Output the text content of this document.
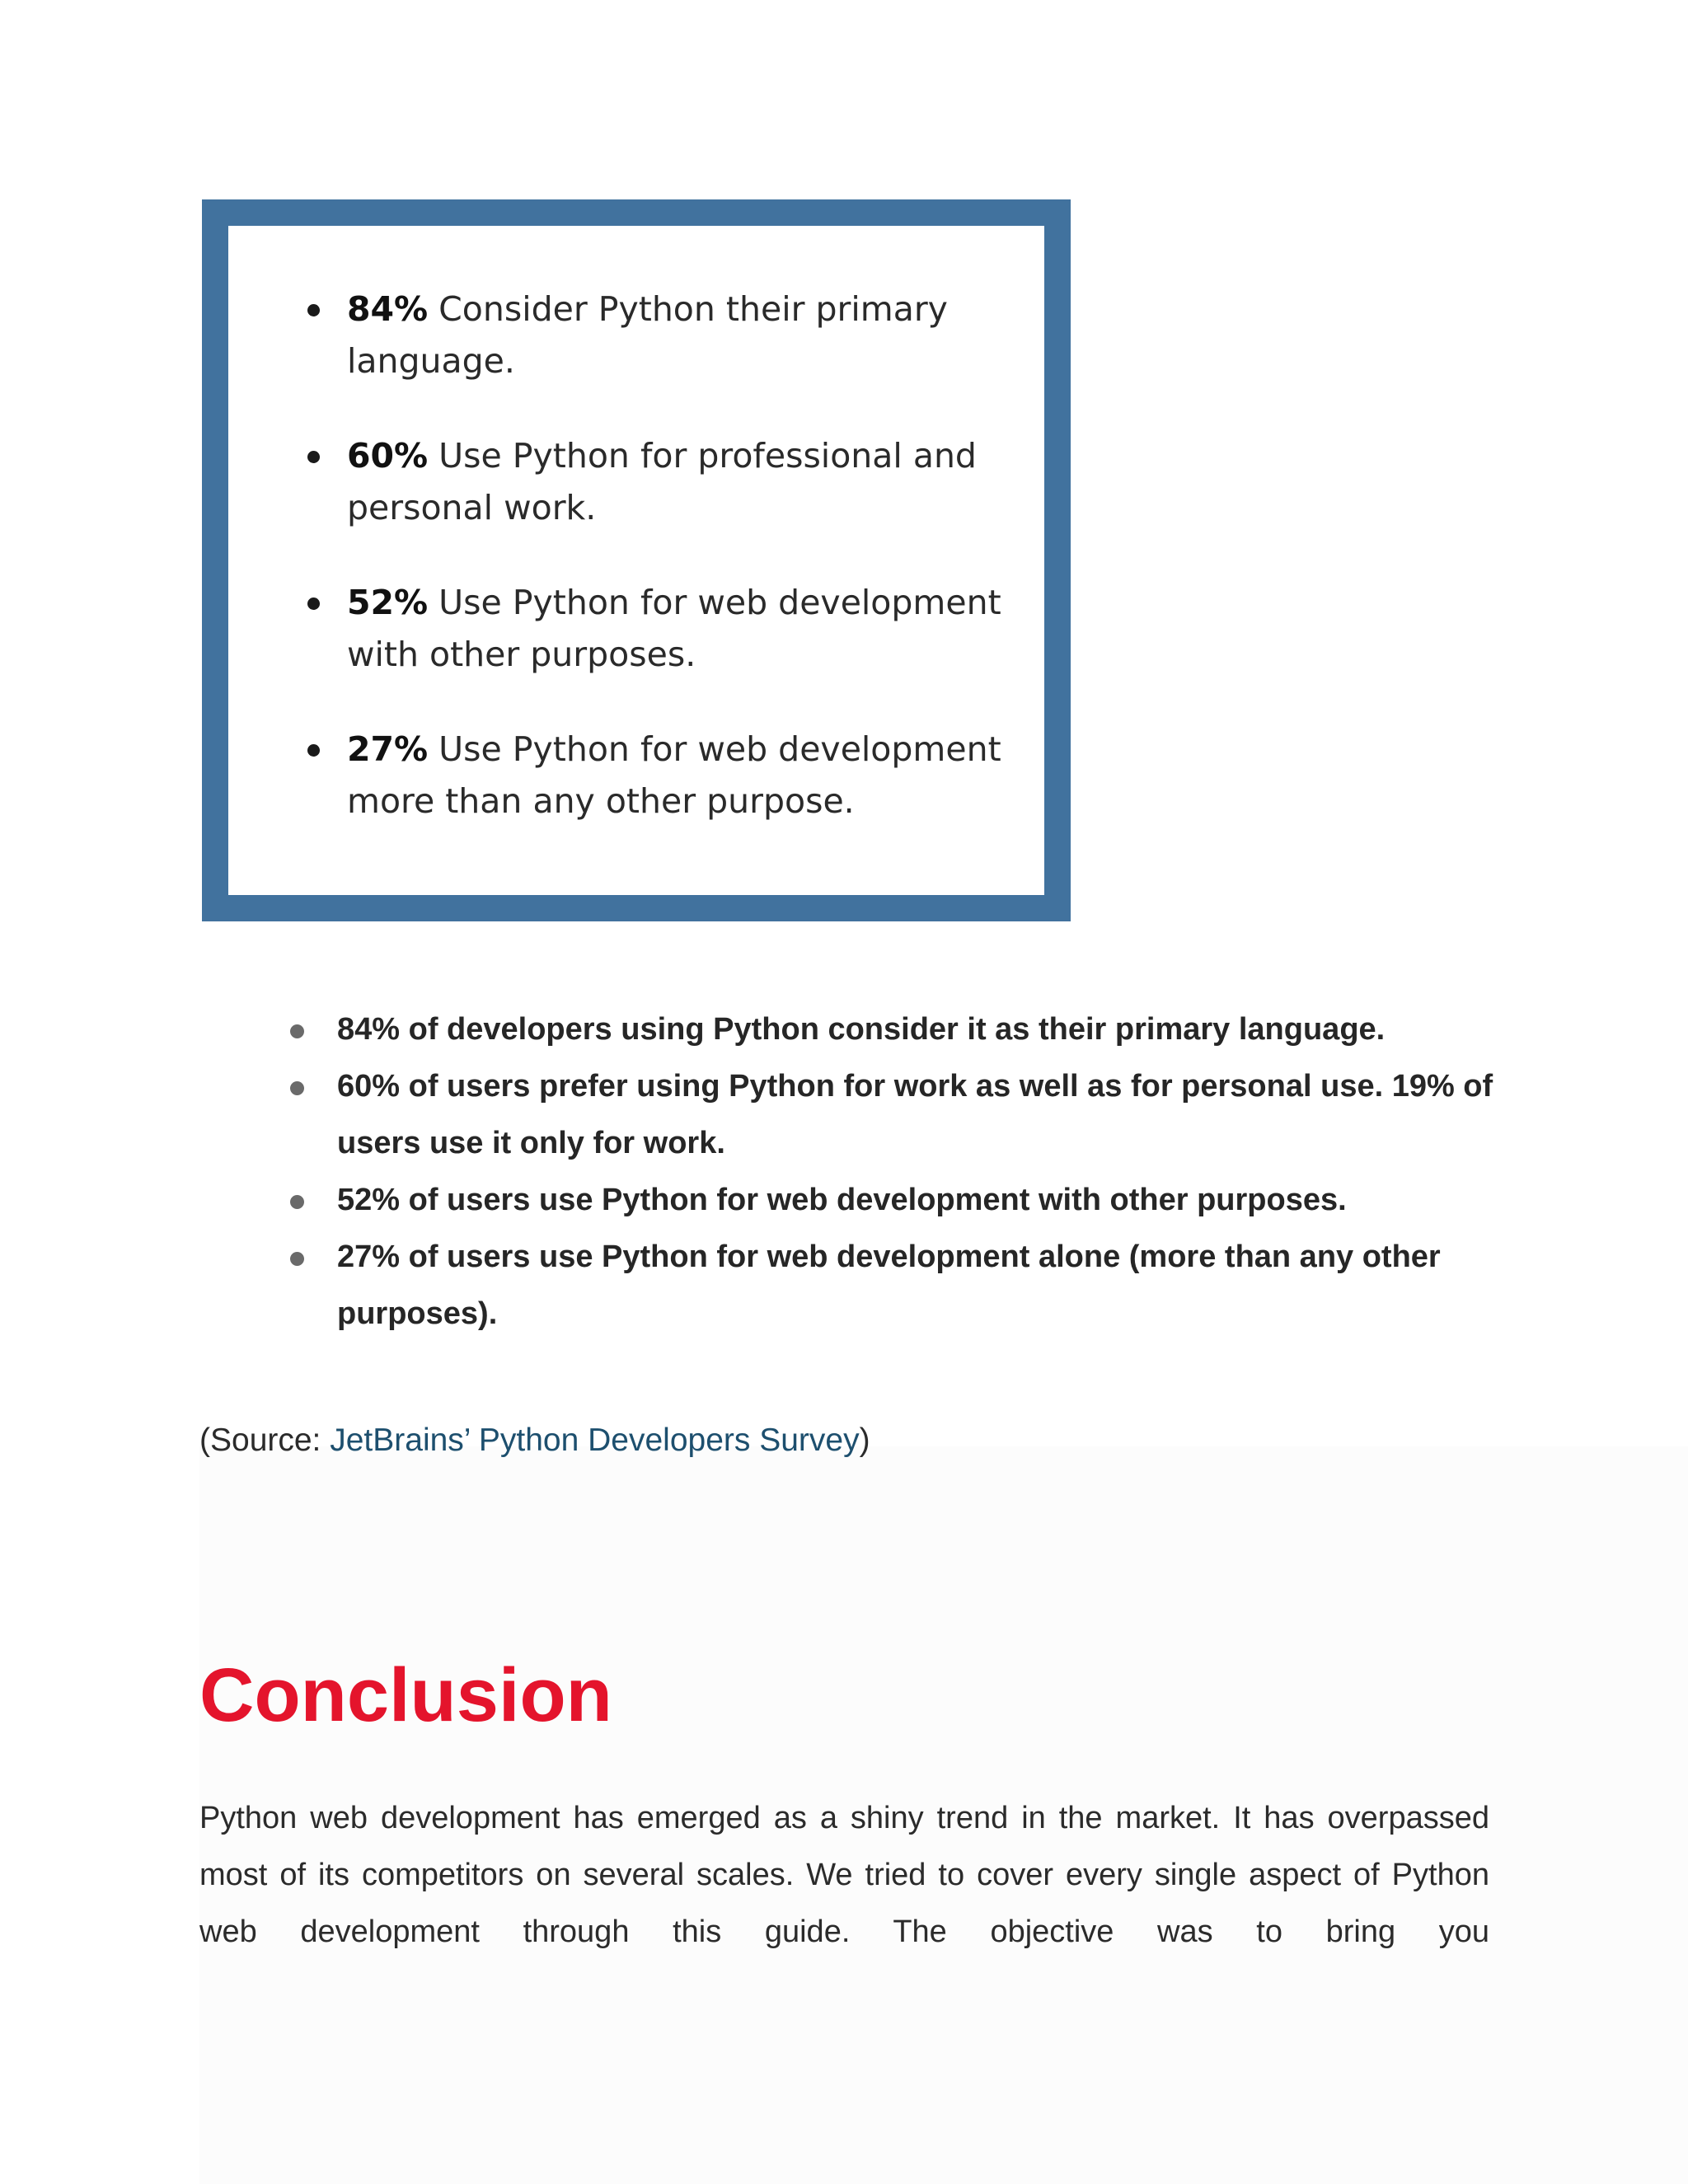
84% Consider Python their primary language.
60% Use Python for professional and personal work.
52% Use Python for web development with other purposes.
27% Use Python for web development more than any other purpose.
84% of developers using Python consider it as their primary language.
60% of users prefer using Python for work as well as for personal use. 19% of users use it only for work.
52% of users use Python for web development with other purposes.
27% of users use Python for web development alone (more than any other purposes).
(Source: JetBrains’ Python Developers Survey)
Conclusion

Python web development has emerged as a shiny trend in the market. It has overpassed most of its competitors on several scales. We tried to cover every single aspect of Python web development through this guide. The objective was to bring you
